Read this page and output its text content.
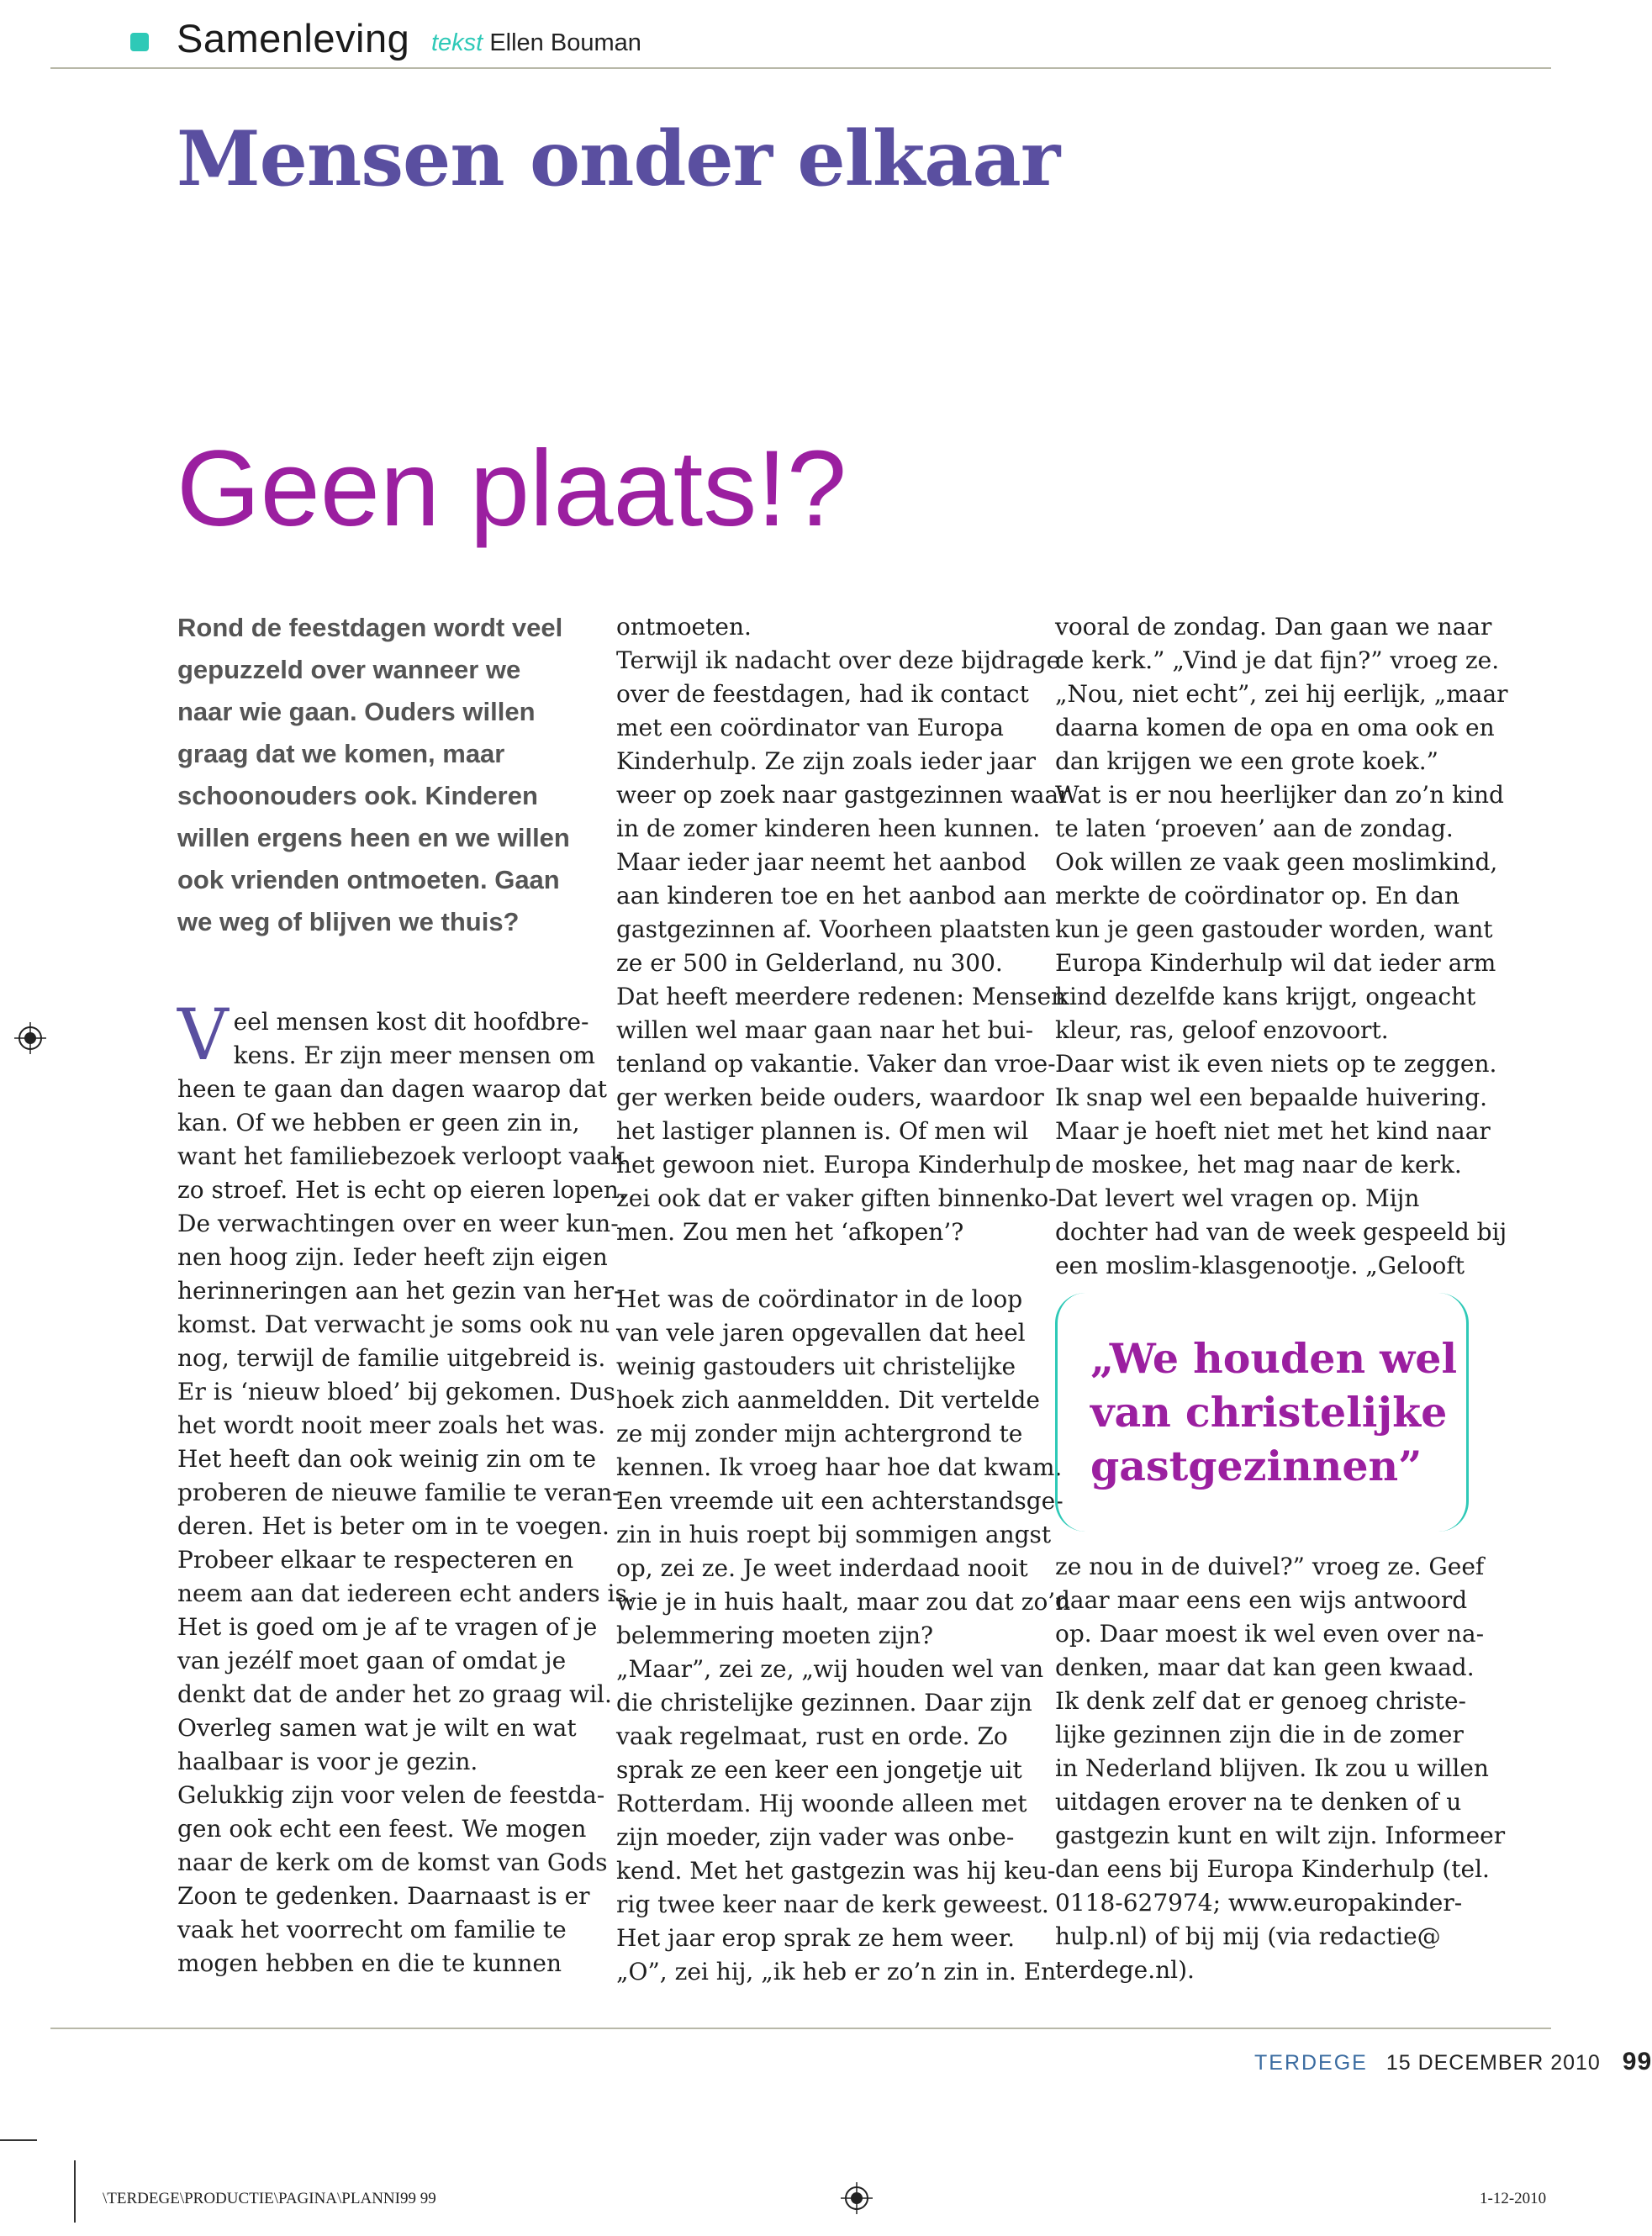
Samenleving tekst Ellen Bouman
Mensen onder elkaar
Geen plaats!?

Rond de feestdagen wordt veel

gepuzzeld over wanneer we

naar wie gaan. Ouders willen

graag dat we komen, maar

schoonouders ook. Kinderen

willen ergens heen en we willen

ook vrienden ontmoeten. Gaan

we weg of blijven we thuis?

V eel mensen kost dit hoofdbre-

kens. Er zijn meer mensen om

heen te gaan dan dagen waarop dat

kan. Of we hebben er geen zin in,

want het familiebezoek verloopt vaak

zo stroef. Het is echt op eieren lopen.

De verwachtingen over en weer kun-

nen hoog zijn. Ieder heeft zijn eigen

herinneringen aan het gezin van her-

komst. Dat verwacht je soms ook nu

nog, terwijl de familie uitgebreid is.

Er is ‘nieuw bloed’ bij gekomen. Dus

het wordt nooit meer zoals het was.

Het heeft dan ook weinig zin om te

proberen de nieuwe familie te veran-

deren. Het is beter om in te voegen.

Probeer elkaar te respecteren en

neem aan dat iedereen echt anders is.

Het is goed om je af te vragen of je

van jezélf moet gaan of omdat je

denkt dat de ander het zo graag wil.

Overleg samen wat je wilt en wat

haalbaar is voor je gezin.

Gelukkig zijn voor velen de feestda-

gen ook echt een feest. We mogen

naar de kerk om de komst van Gods

Zoon te gedenken. Daarnaast is er

vaak het voorrecht om familie te

mogen hebben en die te kunnen

ontmoeten.

Terwijl ik nadacht over deze bijdrage

over de feestdagen, had ik contact

met een coördinator van Europa

Kinderhulp. Ze zijn zoals ieder jaar

weer op zoek naar gastgezinnen waar

in de zomer kinderen heen kunnen.

Maar ieder jaar neemt het aanbod

aan kinderen toe en het aanbod aan

gastgezinnen af. Voorheen plaatsten

ze er 500 in Gelderland, nu 300.

Dat heeft meerdere redenen: Mensen

willen wel maar gaan naar het bui-

tenland op vakantie. Vaker dan vroe-

ger werken beide ouders, waardoor

het lastiger plannen is. Of men wil

het gewoon niet. Europa Kinderhulp

zei ook dat er vaker giften binnenko-

men. Zou men het ‘afkopen’?

Het was de coördinator in de loop

van vele jaren opgevallen dat heel

weinig gastouders uit christelijke

hoek zich aanmeldden. Dit vertelde

ze mij zonder mijn achtergrond te

kennen. Ik vroeg haar hoe dat kwam.

Een vreemde uit een achterstandsge-

zin in huis roept bij sommigen angst

op, zei ze. Je weet inderdaad nooit

wie je in huis haalt, maar zou dat zo’n

belemmering moeten zijn?

„Maar”, zei ze, „wij houden wel van

die christelijke gezinnen. Daar zijn

vaak regelmaat, rust en orde. Zo

sprak ze een keer een jongetje uit

Rotterdam. Hij woonde alleen met

zijn moeder, zijn vader was onbe-

kend. Met het gastgezin was hij keu-

rig twee keer naar de kerk geweest.

Het jaar erop sprak ze hem weer.

„O”, zei hij, „ik heb er zo’n zin in. En

vooral de zondag. Dan gaan we naar

de kerk.” „Vind je dat fijn?” vroeg ze.

„Nou, niet echt”, zei hij eerlijk, „maar

daarna komen de opa en oma ook en

dan krijgen we een grote koek.”

Wat is er nou heerlijker dan zo’n kind

te laten ‘proeven’ aan de zondag.

Ook willen ze vaak geen moslimkind,

merkte de coördinator op. En dan

kun je geen gastouder worden, want

Europa Kinderhulp wil dat ieder arm

kind dezelfde kans krijgt, ongeacht

kleur, ras, geloof enzovoort.

Daar wist ik even niets op te zeggen.

Ik snap wel een bepaalde huivering.

Maar je hoeft niet met het kind naar

de moskee, het mag naar de kerk.

Dat levert wel vragen op. Mijn

dochter had van de week gespeeld bij

een moslim-klasgenootje. „Gelooft

„We houden wel

van christelijke

gastgezinnen”

ze nou in de duivel?” vroeg ze. Geef

daar maar eens een wijs antwoord

op. Daar moest ik wel even over na-

denken, maar dat kan geen kwaad.

Ik denk zelf dat er genoeg christe-

lijke gezinnen zijn die in de zomer

in Nederland blijven. Ik zou u willen

uitdagen erover na te denken of u

gastgezin kunt en wilt zijn. Informeer

dan eens bij Europa Kinderhulp (tel.

0118-627974; www.europakinder-

hulp.nl) of bij mij (via redactie@

terdege.nl).

TERDEGE 15 DECEMBER 2010 99
\TERDEGE\PRODUCTIE\PAGINA\PLANNI99 99	1-12-2010
